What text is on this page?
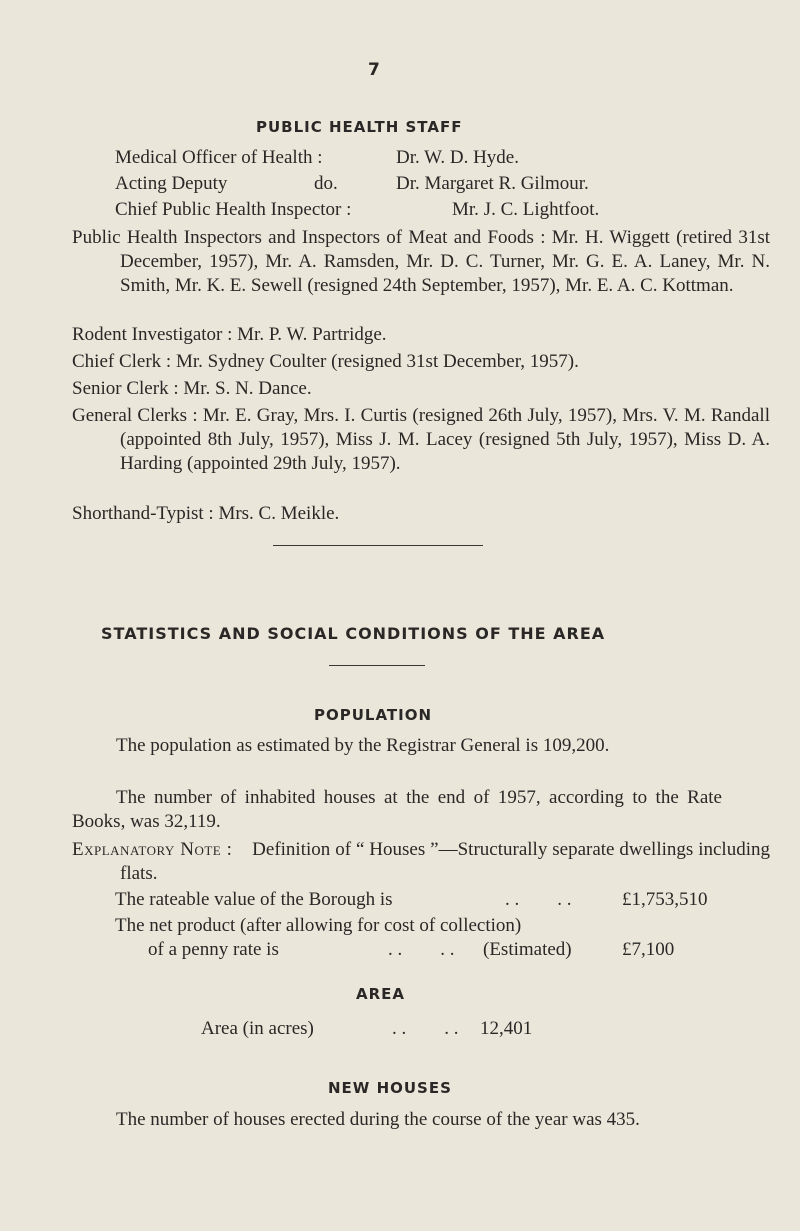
7
PUBLIC HEALTH STAFF
Medical Officer of Health :	Dr. W. D. Hyde.
Acting Deputy	do.	Dr. Margaret R. Gilmour.
Chief Public Health Inspector :	Mr. J. C. Lightfoot.
Public Health Inspectors and Inspectors of Meat and Foods : Mr. H. Wiggett (retired 31st December, 1957), Mr. A. Ramsden, Mr. D. C. Turner, Mr. G. E. A. Laney, Mr. N. Smith, Mr. K. E. Sewell (resigned 24th September, 1957), Mr. E. A. C. Kottman.
Rodent Investigator : Mr. P. W. Partridge.
Chief Clerk : Mr. Sydney Coulter (resigned 31st December, 1957).
Senior Clerk : Mr. S. N. Dance.
General Clerks : Mr. E. Gray, Mrs. I. Curtis (resigned 26th July, 1957), Mrs. V. M. Randall (appointed 8th July, 1957), Miss J. M. Lacey (resigned 5th July, 1957), Miss D. A. Harding (appointed 29th July, 1957).
Shorthand-Typist : Mrs. C. Meikle.
STATISTICS AND SOCIAL CONDITIONS OF THE AREA
POPULATION
The population as estimated by the Registrar General is 109,200.
The number of inhabited houses at the end of 1957, according to the Rate Books, was 32,119.
Explanatory Note : Definition of “ Houses ”—Structurally separate dwellings including flats.
The rateable value of the Borough is	. .        . .	£1,753,510
The net product (after allowing for cost of collection)
of a penny rate is	. .        . . (Estimated)	£7,100
AREA
Area (in acres)	. .        . . 12,401
NEW HOUSES
The number of houses erected during the course of the year was 435.
